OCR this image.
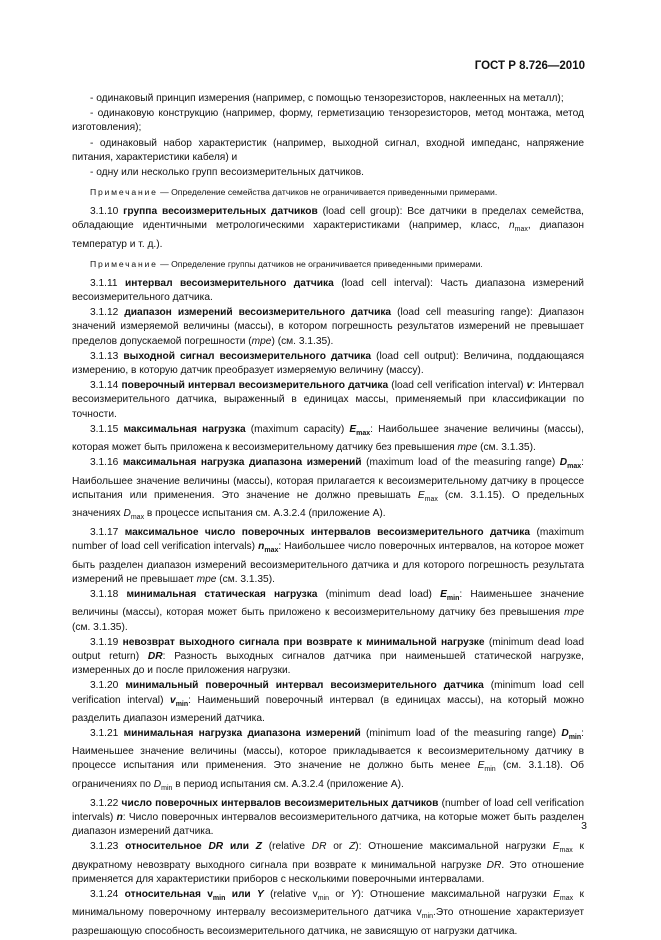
ГОСТ Р 8.726—2010

- одинаковый принцип измерения (например, с помощью тензорезисторов, наклеенных на металл);

- одинаковую конструкцию (например, форму, герметизацию тензорезисторов, метод монтажа, метод изготовления);

- одинаковый набор характеристик (например, выходной сигнал, входной импеданс, напряжение питания, характеристики кабеля) и

- одну или несколько групп весоизмерительных датчиков.

Примечание — Определение семейства датчиков не ограничивается приведенными примерами.

3.1.10 группа весоизмерительных датчиков (load cell group): Все датчики в пределах семейства, обладающие идентичными метрологическими характеристиками (например, класс, $n_{max}$, диапазон температур и т. д.).

Примечание — Определение группы датчиков не ограничивается приведенными примерами.

3.1.11 интервал весоизмерительного датчика (load cell interval): Часть диапазона измерений весоизмерительного датчика.

3.1.12 диапазон измерений весоизмерительного датчика (load cell measuring range): Диапазон значений измеряемой величины (массы), в котором погрешность результатов измерений не превышает пределов допускаемой погрешности (mpe) (см. 3.1.35).

3.1.13 выходной сигнал весоизмерительного датчика (load cell output): Величина, поддающаяся измерению, в которую датчик преобразует измеряемую величину (массу).

3.1.14 поверочный интервал весоизмерительного датчика (load cell verification interval) v: Интервал весоизмерительного датчика, выраженный в единицах массы, применяемый при классификации по точности.

3.1.15 максимальная нагрузка (maximum capacity) $E_{max}$: Наибольшее значение величины (массы), которая может быть приложена к весоизмерительному датчику без превышения mpe (см. 3.1.35).

3.1.16 максимальная нагрузка диапазона измерений (maximum load of the measuring range) $D_{max}$: Наибольшее значение величины (массы), которая прилагается к весоизмерительному датчику в процессе испытания или применения. Это значение не должно превышать $E_{max}$ (см. 3.1.15). О предельных значениях $D_{max}$ в процессе испытания см. А.3.2.4 (приложение А).

3.1.17 максимальное число поверочных интервалов весоизмерительного датчика (maximum number of load cell verification intervals) $n_{max}$: Наибольшее число поверочных интервалов, на которое может быть разделен диапазон измерений весоизмерительного датчика и для которого погрешность результата измерений не превышает mpe (см. 3.1.35).

3.1.18 минимальная статическая нагрузка (minimum dead load) $E_{min}$: Наименьшее значение величины (массы), которая может быть приложено к весоизмерительному датчику без превышения mpe (см. 3.1.35).

3.1.19 невозврат выходного сигнала при возврате к минимальной нагрузке (minimum dead load output return) DR: Разность выходных сигналов датчика при наименьшей статической нагрузке, измеренных до и после приложения нагрузки.

3.1.20 минимальный поверочный интервал весоизмерительного датчика (minimum load cell verification interval) $v_{min}$: Наименьший поверочный интервал (в единицах массы), на который можно разделить диапазон измерений датчика.

3.1.21 минимальная нагрузка диапазона измерений (minimum load of the measuring range) $D_{min}$: Наименьшее значение величины (массы), которое прикладывается к весоизмерительному датчику в процессе испытания или применения. Это значение не должно быть менее $E_{min}$ (см. 3.1.18). Об ограничениях по $D_{min}$ в период испытания см. А.3.2.4 (приложение А).

3.1.22 число поверочных интервалов весоизмерительных датчиков (number of load cell verification intervals) n: Число поверочных интервалов весоизмерительного датчика, на которые может быть разделен диапазон измерений датчика.

3.1.23 относительное DR или Z (relative DR or Z): Отношение максимальной нагрузки $E_{max}$ к двукратному невозврату выходного сигнала при возврате к минимальной нагрузке DR. Это отношение применяется для характеристики приборов с несколькими поверочными интервалами.

3.1.24 относительная $v_{min}$ или Y (relative $v_{min}$ or Y): Отношение максимальной нагрузки $E_{max}$ к минимальному поверочному интервалу весоизмерительного датчика $v_{min}.Это$ отношение характеризует разрешающую способность весоизмерительного датчика, не зависящую от нагрузки датчика.

3
